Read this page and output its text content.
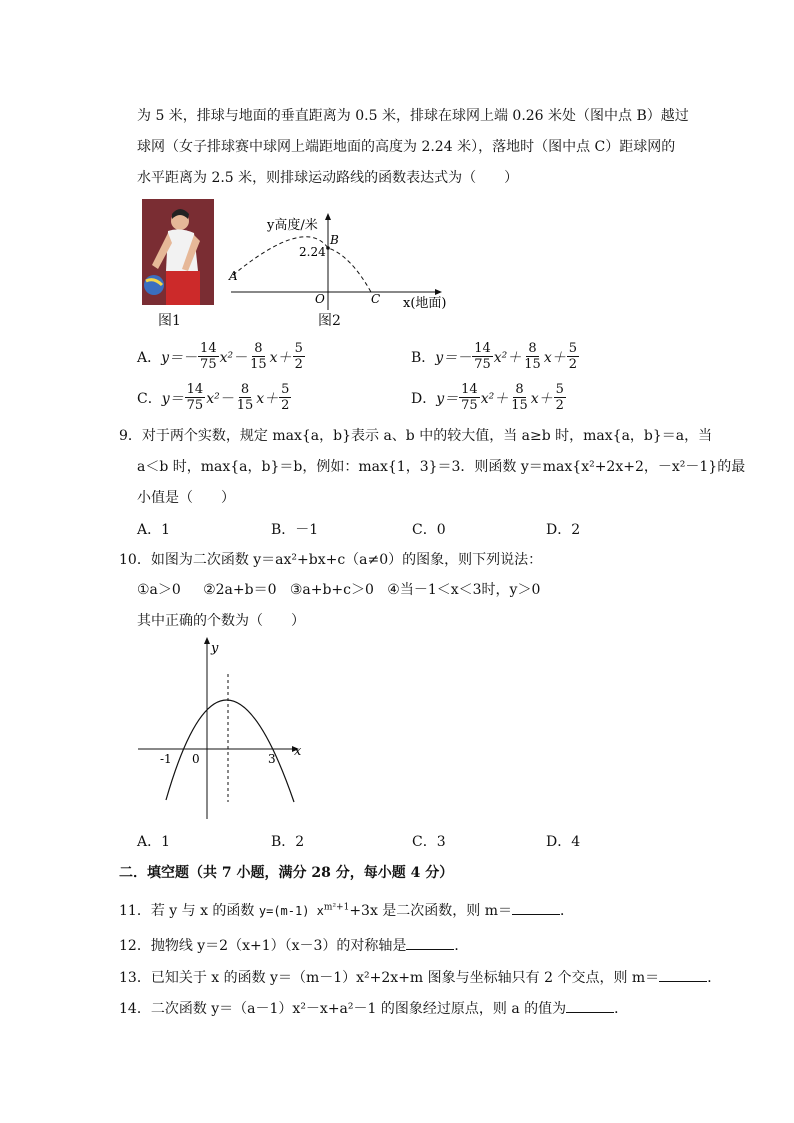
为 5 米，排球与地面的垂直距离为 0.5 米，排球在球网上端 0.26 米处（图中点 B）越过
球网（女子排球赛中球网上端距地面的高度为 2.24 米），落地时（图中点 C）距球网的
水平距离为 2.5 米，则排球运动路线的函数表达式为（　　）
图1
y高度/米
B
2.24
A
O	C x(地面)
图2
A． $y=- \frac{14}{75} x^2- \frac{8}{15} x+ \frac{5}{2}$	B． $y=- \frac{14}{75} x^2+ \frac{8}{15} x+ \frac{5}{2}$
C． $y= \frac{14}{75} x^2- \frac{8}{15} x+ \frac{5}{2}$	D． $y= \frac{14}{75} x^2+ \frac{8}{15} x+ \frac{5}{2}$
9．对于两个实数，规定 max{a，b}表示 a、b 中的较大值，当 a≥b 时，max{a，b}＝a，当
a＜b 时，max{a，b}＝b，例如：max{1，3}＝3．则函数 y＝max{x²+2x+2，－x²－1}的最
小值是（　　）
A．1	B．－1	C．0	D．2
10．如图为二次函数 y＝ax²+bx+c（a≠0）的图象，则下列说法：
①a＞0 ②2a+b＝0 ③a+b+c＞0 ④当－1＜x＜3时，y＞0
其中正确的个数为（　　）
y
x
-1 0	3
A．1	B．2	C．3	D．4
二．填空题（共 7 小题，满分 28 分，每小题 4 分）
11．若 y 与 x 的函数 y=(m-1) $x^{m^2+1}+3x$ 是二次函数，则 m＝	．
12．抛物线 y＝2（x+1）（x－3）的对称轴是	．
13．已知关于 x 的函数 y＝（m－1）x²+2x+m 图象与坐标轴只有 2 个交点，则 m＝	．
14．二次函数 y＝（a－1）x²－x+a²－1 的图象经过原点，则 a 的值为	．
